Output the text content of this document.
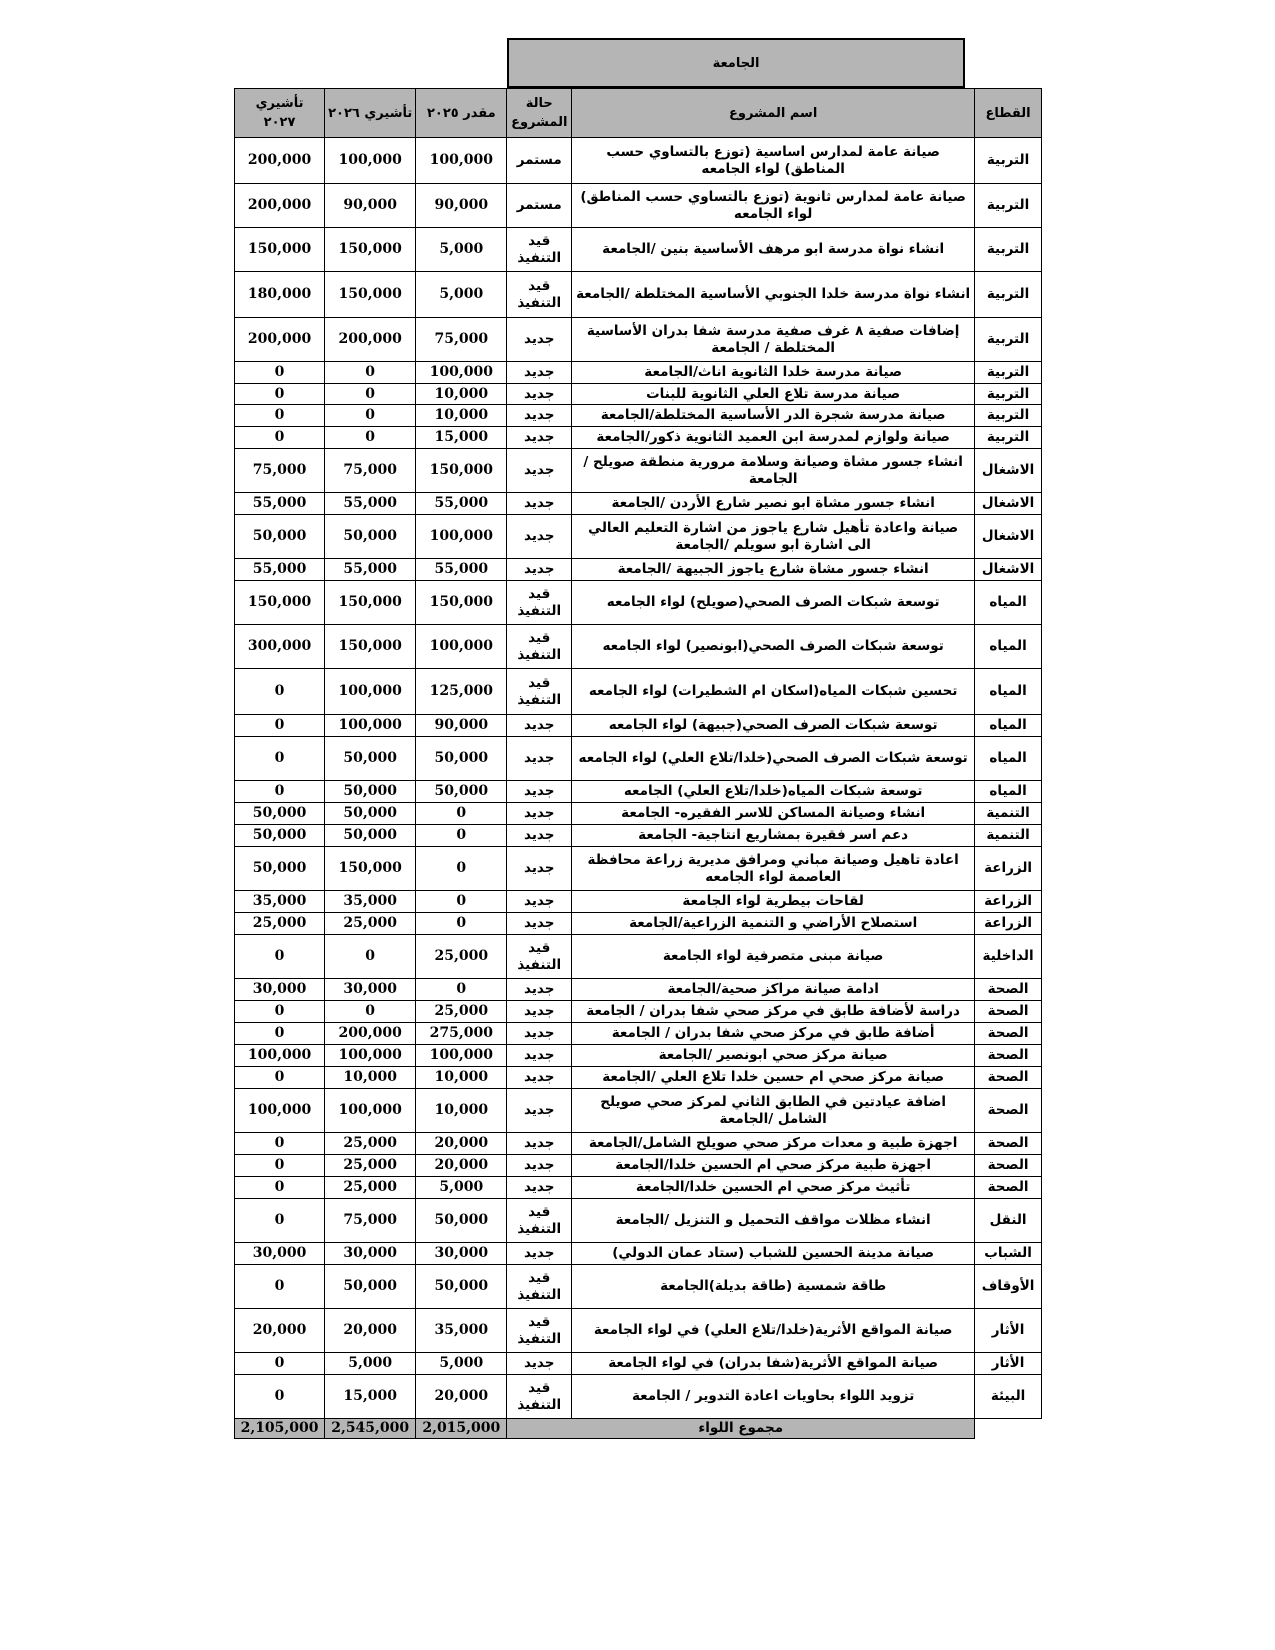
الجامعة
تأشيري ٢٠٢٧	تأشيري ٢٠٢٦	مقدر ٢٠٢٥	حالة المشروع	اسم المشروع	القطاع
200,000	100,000	100,000	مستمر	صيانة عامة لمدارس اساسية (توزع بالتساوي حسب المناطق) لواء الجامعه	التربية
200,000	90,000	90,000	مستمر	صيانة عامة لمدارس ثانوية (توزع بالتساوي حسب المناطق) لواء الجامعه	التربية
150,000	150,000	5,000	قيد التنفيذ	انشاء نواة مدرسة ابو مرهف الأساسية بنين /الجامعة	التربية
180,000	150,000	5,000	قيد التنفيذ	انشاء نواة مدرسة خلدا الجنوبي الأساسية المختلطة /الجامعة	التربية
200,000	200,000	75,000	جديد	إضافات صفية ٨ غرف صفية مدرسة شفا بدران الأساسية المختلطة / الجامعة	التربية
0	0	100,000	جديد	صيانة مدرسة خلدا الثانوية اناث/الجامعة	التربية
0	0	10,000	جديد	صيانة مدرسة تلاع العلي الثانوية للبنات	التربية
0	0	10,000	جديد	صيانة مدرسة شجرة الدر الأساسية المختلطة/الجامعة	التربية
0	0	15,000	جديد	صيانة ولوازم لمدرسة ابن العميد الثانوية ذكور/الجامعة	التربية
75,000	75,000	150,000	جديد	انشاء جسور مشاة وصيانة وسلامة مرورية منطقة صويلح /الجامعة	الاشغال
55,000	55,000	55,000	جديد	انشاء جسور مشاة ابو نصير شارع الأردن /الجامعة	الاشغال
50,000	50,000	100,000	جديد	صيانة واعادة تأهيل شارع ياجوز من اشارة التعليم العالي الى اشارة ابو سويلم /الجامعة	الاشغال
55,000	55,000	55,000	جديد	انشاء جسور مشاة شارع ياجوز الجبيهة /الجامعة	الاشغال
150,000	150,000	150,000	قيد التنفيذ	توسعة شبكات الصرف الصحي(صويلح) لواء الجامعه	المياه
300,000	150,000	100,000	قيد التنفيذ	توسعة شبكات الصرف الصحي(ابونصير) لواء الجامعه	المياه
0	100,000	125,000	قيد التنفيذ	تحسين شبكات المياه(اسكان ام الشطيرات) لواء الجامعه	المياه
0	100,000	90,000	جديد	توسعة شبكات الصرف الصحي(جبيهة) لواء الجامعه	المياه
0	50,000	50,000	جديد	توسعة شبكات الصرف الصحي(خلدا/تلاع العلي) لواء الجامعه	المياه
0	50,000	50,000	جديد	توسعة شبكات المياه(خلدا/تلاع العلي) الجامعه	المياه
50,000	50,000	0	جديد	انشاء وصيانة المساكن للاسر الفقيره- الجامعة	التنمية
50,000	50,000	0	جديد	دعم اسر فقيرة بمشاريع انتاجية- الجامعة	التنمية
50,000	150,000	0	جديد	اعادة تاهيل وصيانة مباني ومرافق مديرية زراعة محافظة العاصمة لواء الجامعه	الزراعة
35,000	35,000	0	جديد	لقاحات بيطرية لواء الجامعة	الزراعة
25,000	25,000	0	جديد	استصلاح الأراضي و التنمية الزراعية/الجامعة	الزراعة
0	0	25,000	قيد التنفيذ	صيانة مبنى متصرفية لواء الجامعة	الداخلية
30,000	30,000	0	جديد	ادامة صيانة مراكز صحية/الجامعة	الصحة
0	0	25,000	جديد	دراسة لأضافة طابق في مركز صحي شفا بدران / الجامعة	الصحة
0	200,000	275,000	جديد	أضافة طابق في مركز صحي شفا بدران / الجامعة	الصحة
100,000	100,000	100,000	جديد	صيانة مركز صحي ابونصير /الجامعة	الصحة
0	10,000	10,000	جديد	صيانة مركز صحي ام حسين خلدا تلاع العلي /الجامعة	الصحة
100,000	100,000	10,000	جديد	اضافة عيادتين في الطابق الثاني لمركز صحي صويلح الشامل /الجامعة	الصحة
0	25,000	20,000	جديد	اجهزة طبية و معدات مركز صحي صويلح الشامل/الجامعة	الصحة
0	25,000	20,000	جديد	اجهزة طبية مركز صحي ام الحسين خلدا/الجامعة	الصحة
0	25,000	5,000	جديد	تأثيث مركز صحي ام الحسين خلدا/الجامعة	الصحة
0	75,000	50,000	قيد التنفيذ	انشاء مظلات مواقف التحميل و التنزيل /الجامعة	النقل
30,000	30,000	30,000	جديد	صيانة مدينة الحسين للشباب (ستاد عمان الدولي)	الشباب
0	50,000	50,000	قيد التنفيذ	طاقة شمسية (طاقة بديلة)الجامعة	الأوقاف
20,000	20,000	35,000	قيد التنفيذ	صيانة المواقع الأثرية(خلدا/تلاع العلي) في لواء الجامعة	الأثار
0	5,000	5,000	جديد	صيانة المواقع الأثرية(شفا بدران) في لواء الجامعة	الأثار
0	15,000	20,000	قيد التنفيذ	تزويد اللواء بحاويات اعادة التدوير / الجامعة	البيئة
2,105,000	2,545,000	2,015,000	مجموع اللواء		
